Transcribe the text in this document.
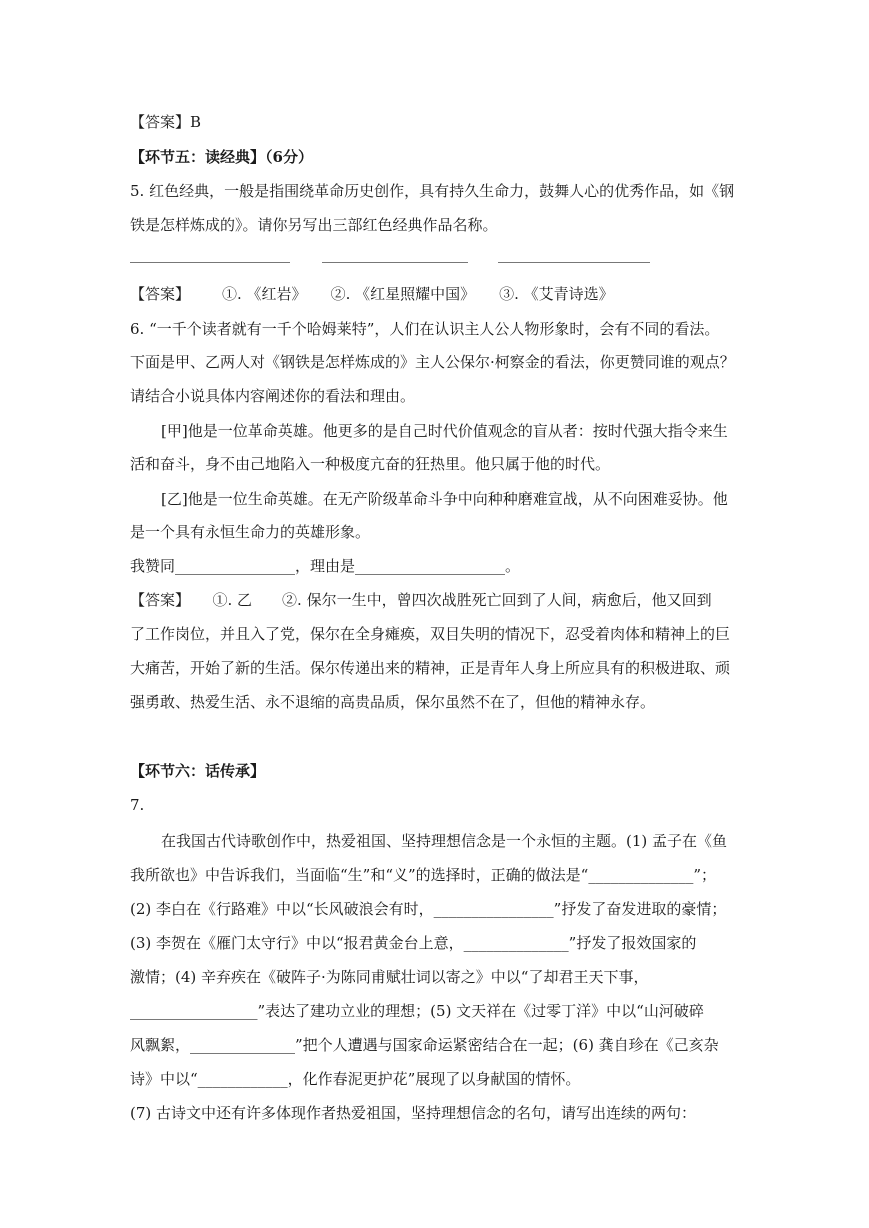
【答案】B
【环节五：读经典】（6分）
5. 红色经典，一般是指围绕革命历史创作，具有持久生命力，鼓舞人心的优秀作品，如《钢
铁是怎样炼成的》。请你另写出三部红色经典作品名称。
【答案】 ①. 《红岩》 ②. 《红星照耀中国》 ③. 《艾青诗选》
6. “一千个读者就有一千个哈姆莱特”，人们在认识主人公人物形象时，会有不同的看法。
下面是甲、乙两人对《钢铁是怎样炼成的》主人公保尔·柯察金的看法，你更赞同谁的观点？
请结合小说具体内容阐述你的看法和理由。
[甲]他是一位革命英雄。他更多的是自己时代价值观念的盲从者：按时代强大指令来生
活和奋斗，身不由己地陷入一种极度亢奋的狂热里。他只属于他的时代。
[乙]他是一位生命英雄。在无产阶级革命斗争中向种种磨难宣战，从不向困难妥协。他
是一个具有永恒生命力的英雄形象。
我赞同________________，理由是____________________。
【答案】　　①. 乙　　②. 保尔一生中，曾四次战胜死亡回到了人间，病愈后，他又回到
了工作岗位，并且入了党，保尔在全身瘫痪，双目失明的情况下，忍受着肉体和精神上的巨
大痛苦，开始了新的生活。保尔传递出来的精神，正是青年人身上所应具有的积极进取、顽
强勇敢、热爱生活、永不退缩的高贵品质，保尔虽然不在了，但他的精神永存。
【环节六：话传承】
7.
在我国古代诗歌创作中，热爱祖国、坚持理想信念是一个永恒的主题。(1) 孟子在《鱼
我所欲也》中告诉我们，当面临“生”和“义”的选择时，正确的做法是“______________”；
(2) 李白在《行路难》中以“长风破浪会有时，________________”抒发了奋发进取的豪情；
(3) 李贺在《雁门太守行》中以“报君黄金台上意，______________”抒发了报效国家的
激情；(4) 辛弃疾在《破阵子·为陈同甫赋壮词以寄之》中以“了却君王天下事，
_________________”表达了建功立业的理想；(5) 文天祥在《过零丁洋》中以“山河破碎
风飘絮，______________”把个人遭遇与国家命运紧密结合在一起；(6) 龚自珍在《己亥杂
诗》中以“____________，化作春泥更护花”展现了以身献国的情怀。
(7) 古诗文中还有许多体现作者热爱祖国，坚持理想信念的名句，请写出连续的两句：
